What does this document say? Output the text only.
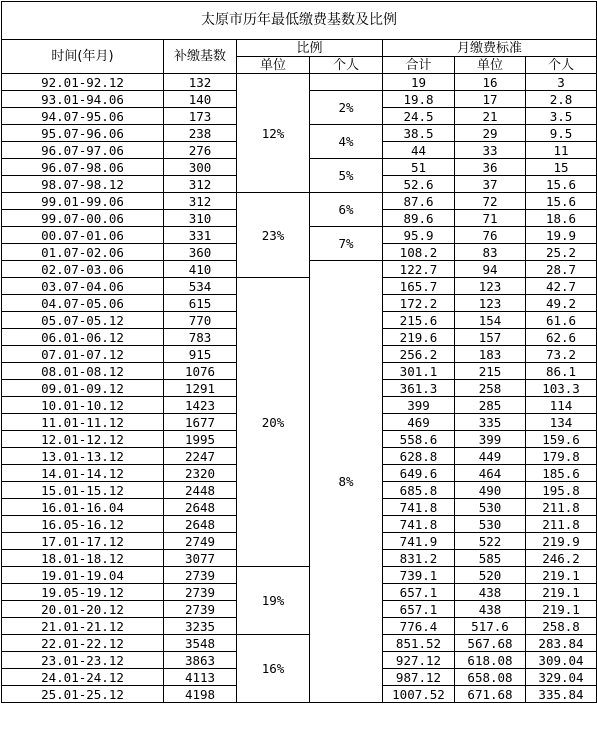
太原市历年最低缴费基数及比例						
时间(年月)	补缴基数	比例		月缴费标准		
		单位	个人	合计	单位	个人
92.01-92.12	132	12%		19	16	3
93.01-94.06	140		2%	19.8	17	2.8
94.07-95.06	173			24.5	21	3.5
95.07-96.06	238		4%	38.5	29	9.5
96.07-97.06	276			44	33	11
96.07-98.06	300		5%	51	36	15
98.07-98.12	312			52.6	37	15.6
99.01-99.06	312	23%	6%	87.6	72	15.6
99.07-00.06	310			89.6	71	18.6
00.07-01.06	331		7%	95.9	76	19.9
01.07-02.06	360			108.2	83	25.2
02.07-03.06	410		8%	122.7	94	28.7
03.07-04.06	534	20%		165.7	123	42.7
04.07-05.06	615			172.2	123	49.2
05.07-05.12	770			215.6	154	61.6
06.01-06.12	783			219.6	157	62.6
07.01-07.12	915			256.2	183	73.2
08.01-08.12	1076			301.1	215	86.1
09.01-09.12	1291			361.3	258	103.3
10.01-10.12	1423			399	285	114
11.01-11.12	1677			469	335	134
12.01-12.12	1995			558.6	399	159.6
13.01-13.12	2247			628.8	449	179.8
14.01-14.12	2320			649.6	464	185.6
15.01-15.12	2448			685.8	490	195.8
16.01-16.04	2648			741.8	530	211.8
16.05-16.12	2648			741.8	530	211.8
17.01-17.12	2749			741.9	522	219.9
18.01-18.12	3077			831.2	585	246.2
19.01-19.04	2739	19%		739.1	520	219.1
19.05-19.12	2739			657.1	438	219.1
20.01-20.12	2739			657.1	438	219.1
21.01-21.12	3235			776.4	517.6	258.8
22.01-22.12	3548	16%		851.52	567.68	283.84
23.01-23.12	3863			927.12	618.08	309.04
24.01-24.12	4113			987.12	658.08	329.04
25.01-25.12	4198			1007.52	671.68	335.84
